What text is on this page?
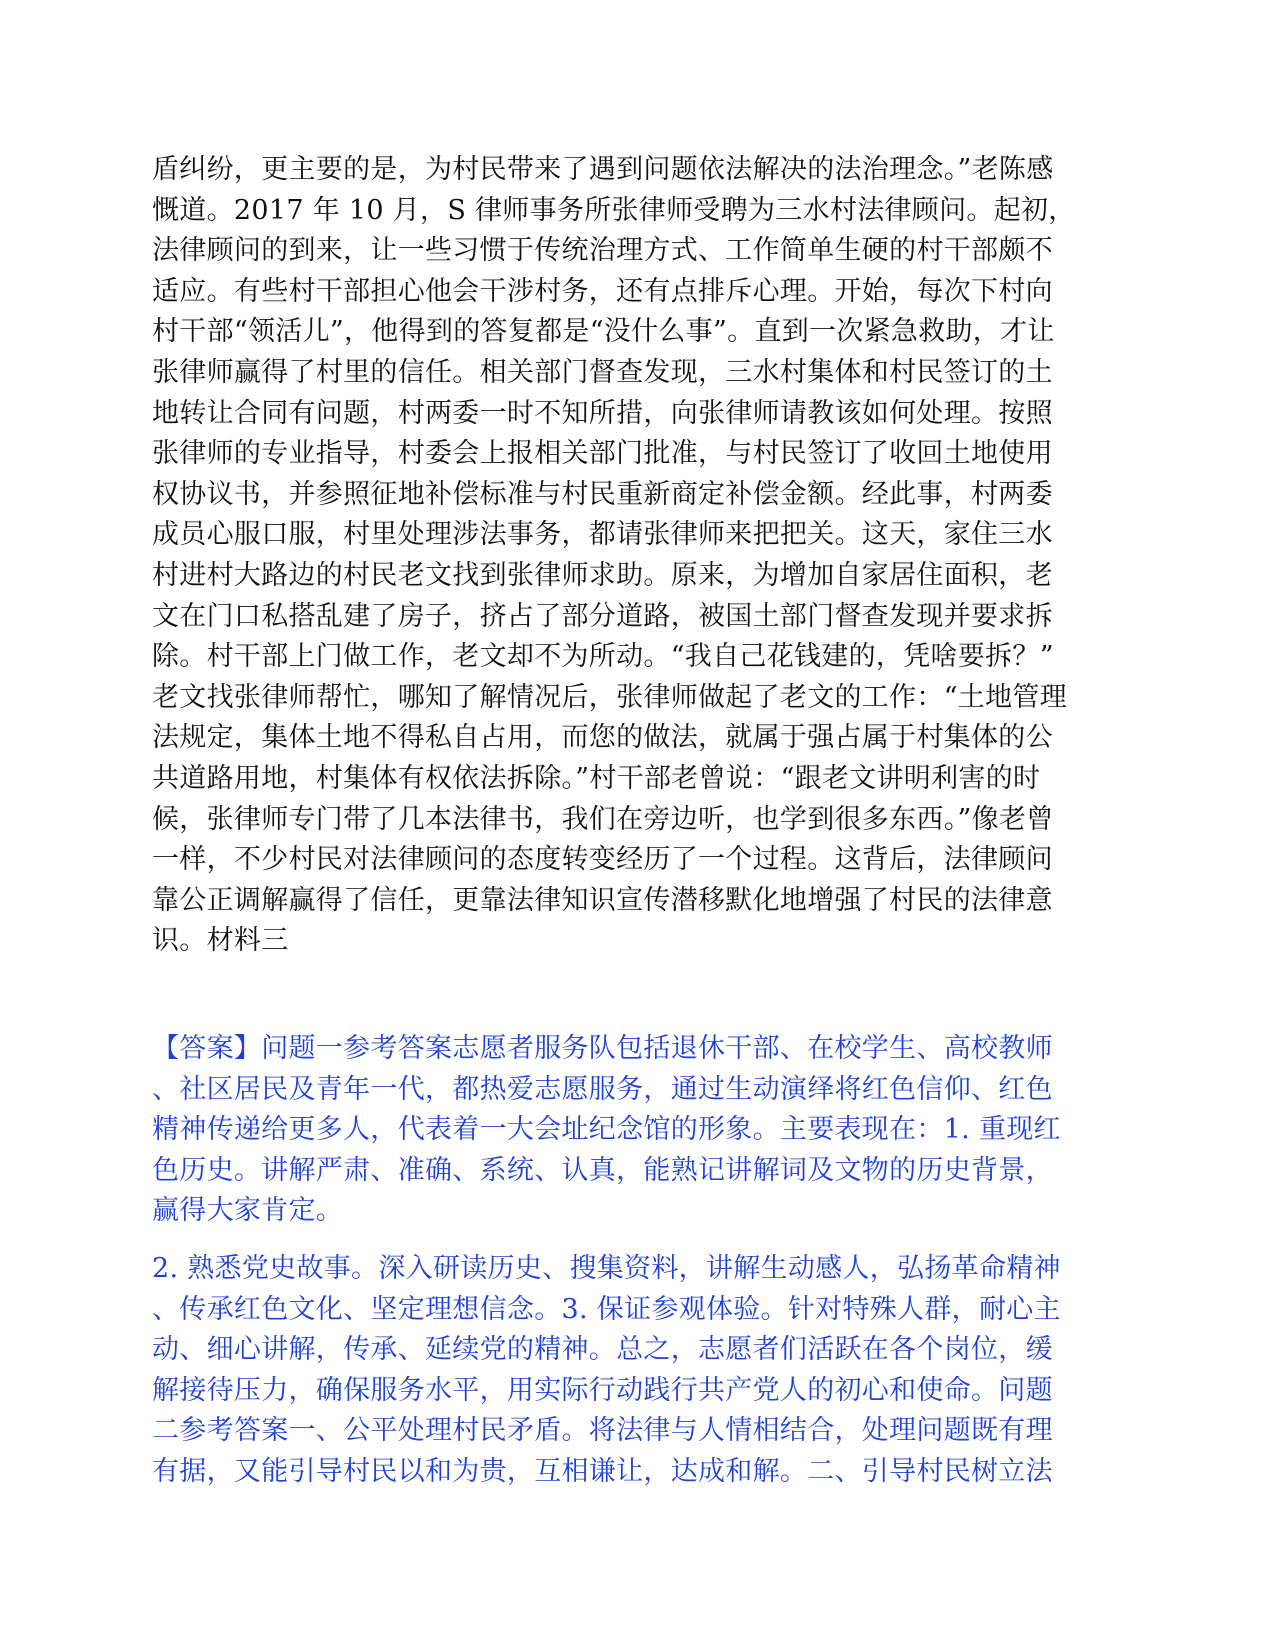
盾纠纷，更主要的是，为村民带来了遇到问题依法解决的法治理念。”老陈感
慨道。2017 年 10 月，S 律师事务所张律师受聘为三水村法律顾问。起初，
法律顾问的到来，让一些习惯于传统治理方式、工作简单生硬的村干部颇不
适应。有些村干部担心他会干涉村务，还有点排斥心理。开始，每次下村向
村干部“领活儿”，他得到的答复都是“没什么事”。直到一次紧急救助，才让
张律师赢得了村里的信任。相关部门督查发现，三水村集体和村民签订的土
地转让合同有问题，村两委一时不知所措，向张律师请教该如何处理。按照
张律师的专业指导，村委会上报相关部门批准，与村民签订了收回土地使用
权协议书，并参照征地补偿标准与村民重新商定补偿金额。经此事，村两委
成员心服口服，村里处理涉法事务，都请张律师来把把关。这天，家住三水
村进村大路边的村民老文找到张律师求助。原来，为增加自家居住面积，老
文在门口私搭乱建了房子，挤占了部分道路，被国土部门督查发现并要求拆
除。村干部上门做工作，老文却不为所动。“我自己花钱建的，凭啥要拆？”
老文找张律师帮忙，哪知了解情况后，张律师做起了老文的工作：“土地管理
法规定，集体土地不得私自占用，而您的做法，就属于强占属于村集体的公
共道路用地，村集体有权依法拆除。”村干部老曾说：“跟老文讲明利害的时
候，张律师专门带了几本法律书，我们在旁边听，也学到很多东西。”像老曾
一样，不少村民对法律顾问的态度转变经历了一个过程。这背后，法律顾问
靠公正调解赢得了信任，更靠法律知识宣传潜移默化地增强了村民的法律意
识。材料三

【答案】问题一参考答案志愿者服务队包括退休干部、在校学生、高校教师
、社区居民及青年一代，都热爱志愿服务，通过生动演绎将红色信仰、红色
精神传递给更多人，代表着一大会址纪念馆的形象。主要表现在：1. 重现红
色历史。讲解严肃、准确、系统、认真，能熟记讲解词及文物的历史背景，
赢得大家肯定。

2. 熟悉党史故事。深入研读历史、搜集资料，讲解生动感人，弘扬革命精神
、传承红色文化、坚定理想信念。3. 保证参观体验。针对特殊人群，耐心主
动、细心讲解，传承、延续党的精神。总之，志愿者们活跃在各个岗位，缓
解接待压力，确保服务水平，用实际行动践行共产党人的初心和使命。问题
二参考答案一、公平处理村民矛盾。将法律与人情相结合，处理问题既有理
有据，又能引导村民以和为贵，互相谦让，达成和解。二、引导村民树立法
